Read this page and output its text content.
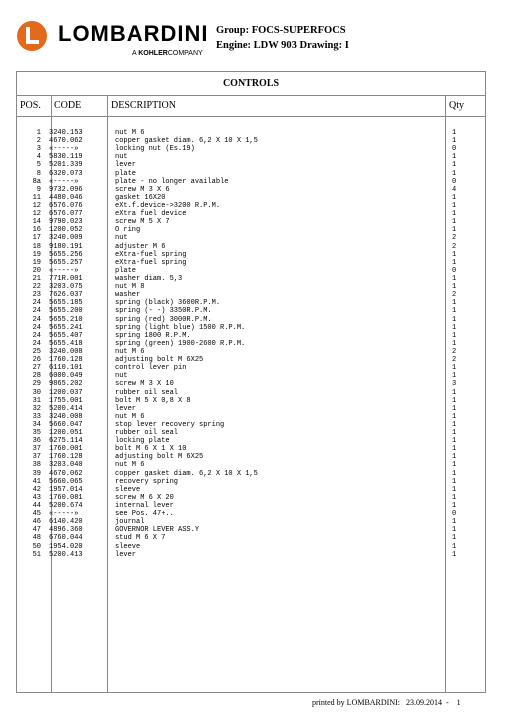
LOMBARDINI
A KOHLERCOMPANY
Group: FOCS-SUPERFOCS
Engine: LDW 903 Drawing: I
CONTROLS
POS. CODE	DESCRIPTION	Qty
1 3240.153	nut M 6	1
2 4670.062	copper gasket diam. 6,2 X 10 X 1,5	1
3 «-----»	locking nut (Es.19)	0
4 5830.119	nut	1
5 5201.339	lever	1
8 6320.073	plate	1
8a «-----»	plate - no longer available	0
9 9732.096	screw M 3 X 6	4
11 4480.046	gasket 16X20	1
12 6576.076	eXt.f.device->3200 R.P.M.	1
12 6576.077	eXtra fuel device	1
14 9790.023	screw M 5 X 7	1
16 1200.052	O ring	1
17 3240.009	nut	2
18 9180.191	adjuster M 6	2
19 5655.256	eXtra-fuel spring	1
19 5655.257	eXtra-fuel spring	1
20 «-----»	plate	0
21 771R.001	washer diam. 5,3	1
22 3203.075	nut M 8	1
23 7626.037	washer	2
24 5655.185	spring (black) 3600R.P.M.	1
24 5655.200	spring (- -) 3350R.P.M.	1
24 5655.210	spring (red) 3000R.P.M.	1
24 5655.241	spring (light blue) 1500 R.P.M.	1
24 5655.407	spring 1800 R.P.M.	1
24 5655.418	spring (green) 1900-2600 R.P.M.	1
25 3240.008	nut M 6	2
26 1760.128	adjusting bolt M 6X25	2
27 6110.101	control lever pin	1
28 6000.049	nut	1
29 9865.202	screw M 3 X 10	3
30 1200.037	rubber oil seal	1
31 1755.001	bolt M 5 X 0,8 X 8	1
32 5200.414	lever	1
33 3240.008	nut M 6	1
34 5660.047	stop lever recovery spring	1
35 1200.051	rubber oil seal	1
36 6275.114	locking plate	1
37 1760.001	bolt M 6 X 1 X 10	1
37 1760.128	adjusting bolt M 6X25	1
38 3203.040	nut M 6	1
39 4670.062	copper gasket diam. 6,2 X 10 X 1,5	1
41 5660.065	recovery spring	1
42 1957.014	sleeve	1
43 1760.081	screw M 6 X 20	1
44 5200.674	internal lever	1
45 «-----»	see Pos. 47+..	0
46 6140.420	journal	1
47 4896.360	GOVERNOR LEVER ASS.Y	1
48 6760.044	stud M 6 X 7	1
50 1954.020	sleeve	1
51 5200.413	lever	1
printed by LOMBARDINI: 23.09.2014 - 1
